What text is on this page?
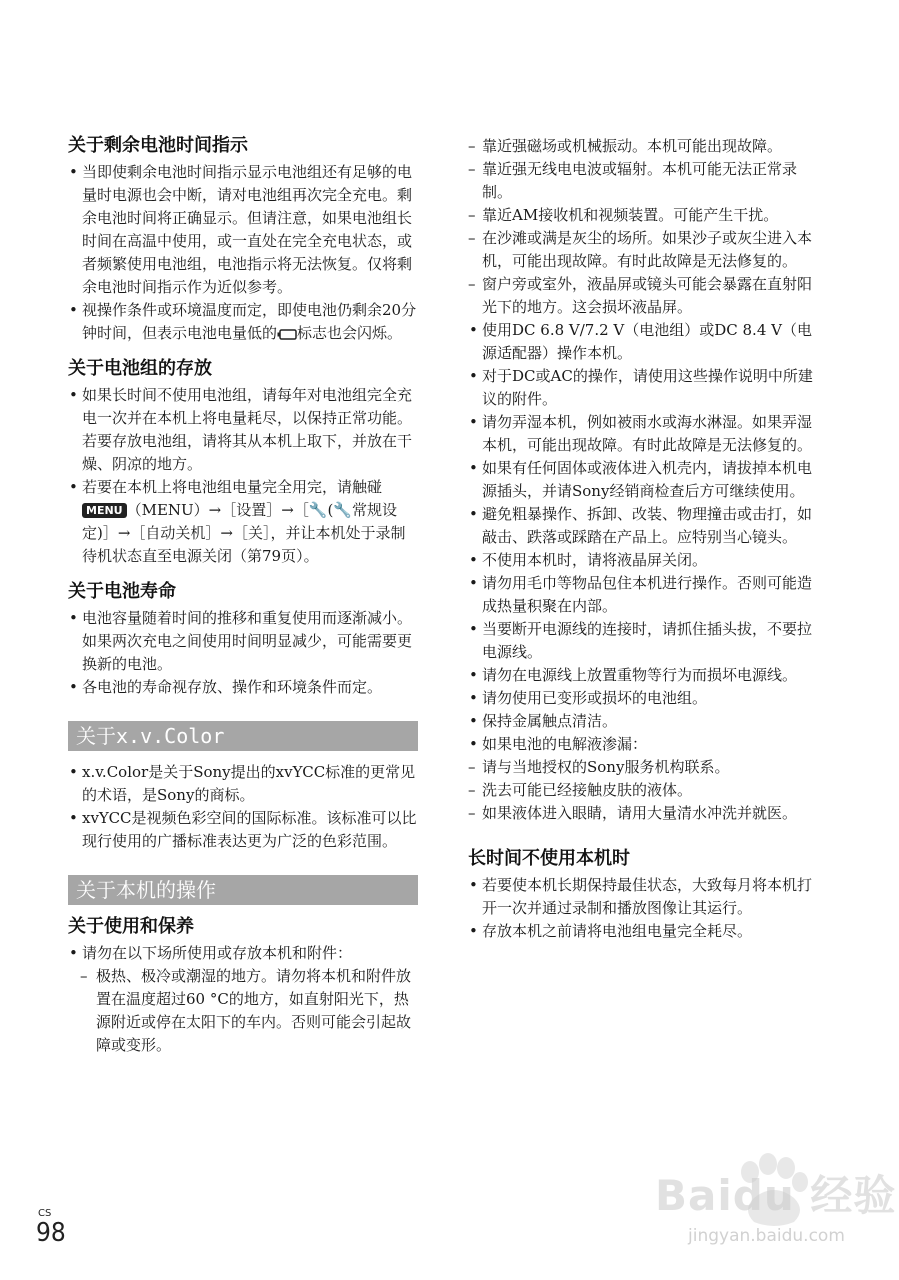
关于剩余电池时间指示
• 当即使剩余电池时间指示显示电池组还有足够的电量时电源也会中断，请对电池组再次完全充电。剩余电池时间将正确显示。但请注意，如果电池组长时间在高温中使用，或一直处在完全充电状态，或者频繁使用电池组，电池指示将无法恢复。仅将剩余电池时间指示作为近似参考。
• 视操作条件或环境温度而定，即使电池仍剩余20分钟时间，但表示电池电量低的 标志也会闪烁。
关于电池组的存放
• 如果长时间不使用电池组，请每年对电池组完全充电一次并在本机上将电量耗尽，以保持正常功能。若要存放电池组，请将其从本机上取下，并放在干燥、阴凉的地方。
• 若要在本机上将电池组电量完全用完，请触碰MENU （MENU）→［设置］→［🔧(🔧常规设定)］→［自动关机］→［关］，并让本机处于录制待机状态直至电源关闭（第79页）。
关于电池寿命
• 电池容量随着时间的推移和重复使用而逐渐减小。如果两次充电之间使用时间明显减少，可能需要更换新的电池。
• 各电池的寿命视存放、操作和环境条件而定。
关于x.v.Color
• x.v.Color是关于Sony提出的xvYCC标准的更常见的术语，是Sony的商标。
• xvYCC是视频色彩空间的国际标准。该标准可以比现行使用的广播标准表达更为广泛的色彩范围。
关于本机的操作
关于使用和保养
• 请勿在以下场所使用或存放本机和附件：
– 极热、极冷或潮湿的地方。请勿将本机和附件放置在温度超过60 °C的地方，如直射阳光下，热源附近或停在太阳下的车内。否则可能会引起故障或变形。
– 靠近强磁场或机械振动。本机可能出现故障。
– 靠近强无线电电波或辐射。本机可能无法正常录制。
– 靠近AM接收机和视频装置。可能产生干扰。
– 在沙滩或满是灰尘的场所。如果沙子或灰尘进入本机，可能出现故障。有时此故障是无法修复的。
– 窗户旁或室外，液晶屏或镜头可能会暴露在直射阳光下的地方。这会损坏液晶屏。
• 使用DC 6.8 V/7.2 V（电池组）或DC 8.4 V（电源适配器）操作本机。
• 对于DC或AC的操作，请使用这些操作说明中所建议的附件。
• 请勿弄湿本机，例如被雨水或海水淋湿。如果弄湿本机，可能出现故障。有时此故障是无法修复的。
• 如果有任何固体或液体进入机壳内，请拔掉本机电源插头，并请Sony经销商检查后方可继续使用。
• 避免粗暴操作、拆卸、改装、物理撞击或击打，如敲击、跌落或踩踏在产品上。应特别当心镜头。
• 不使用本机时，请将液晶屏关闭。
• 请勿用毛巾等物品包住本机进行操作。否则可能造成热量积聚在内部。
• 当要断开电源线的连接时，请抓住插头拔，不要拉电源线。
• 请勿在电源线上放置重物等行为而损坏电源线。
• 请勿使用已变形或损坏的电池组。
• 保持金属触点清洁。
• 如果电池的电解液渗漏：
– 请与当地授权的Sony服务机构联系。
– 洗去可能已经接触皮肤的液体。
– 如果液体进入眼睛，请用大量清水冲洗并就医。
长时间不使用本机时
• 若要使本机长期保持最佳状态，大致每月将本机打开一次并通过录制和播放图像让其运行。
• 存放本机之前请将电池组电量完全耗尽。
CS
98
Baidu 经验
jingyan.baidu.com
